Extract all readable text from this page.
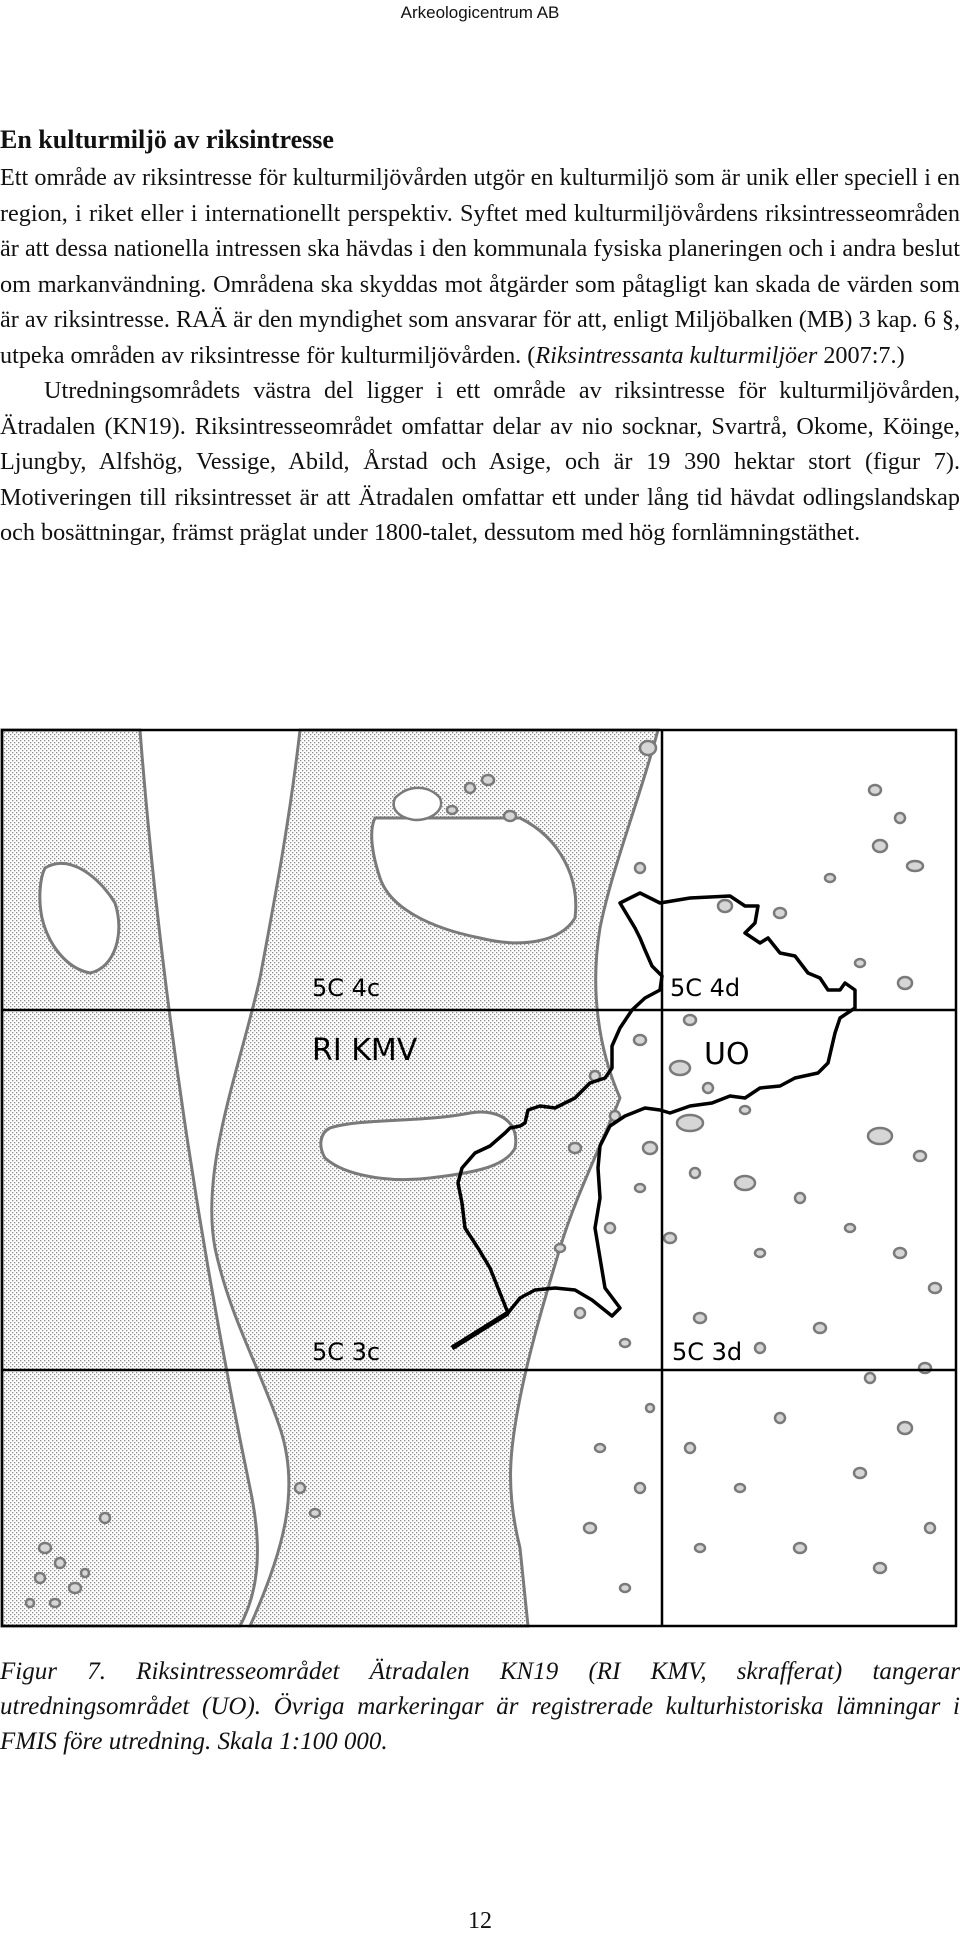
Arkeologicentrum AB
En kulturmiljö av riksintresse

Ett område av riksintresse för kulturmiljövården utgör en kulturmiljö som är unik eller speciell i en region, i riket eller i internationellt perspektiv. Syftet med kulturmiljövårdens riksintresseområden är att dessa nationella intressen ska hävdas i den kommunala fysiska planeringen och i andra beslut om markanvändning. Områdena ska skyddas mot åtgärder som påtagligt kan skada de värden som är av riksintresse. RAÄ är den myndighet som ansvarar för att, enligt Miljöbalken (MB) 3 kap. 6 §, utpeka områden av riksintresse för kulturmiljövården. (Riksintressanta kulturmiljöer 2007:7.)

Utredningsområdets västra del ligger i ett område av riksintresse för kulturmiljövården, Ätradalen (KN19). Riksintresseområdet omfattar delar av nio socknar, Svartrå, Okome, Köinge, Ljungby, Alfshög, Vessige, Abild, Årstad och Asige, och är 19 390 hektar stort (figur 7). Motiveringen till riksintresset är att Ätradalen omfattar ett under lång tid hävdat odlingslandskap och bosättningar, främst präglat under 1800-talet, dessutom med hög fornlämningstäthet.

5C 4c	5C 4d
5C 3c	5C 3d
RI KMV	UO

Figur 7. Riksintresseområdet Ätradalen KN19 (RI KMV, skrafferat) tangerar utredningsområdet (UO). Övriga markeringar är registrerade kulturhistoriska lämningar i FMIS före utredning. Skala 1:100 000.

12
